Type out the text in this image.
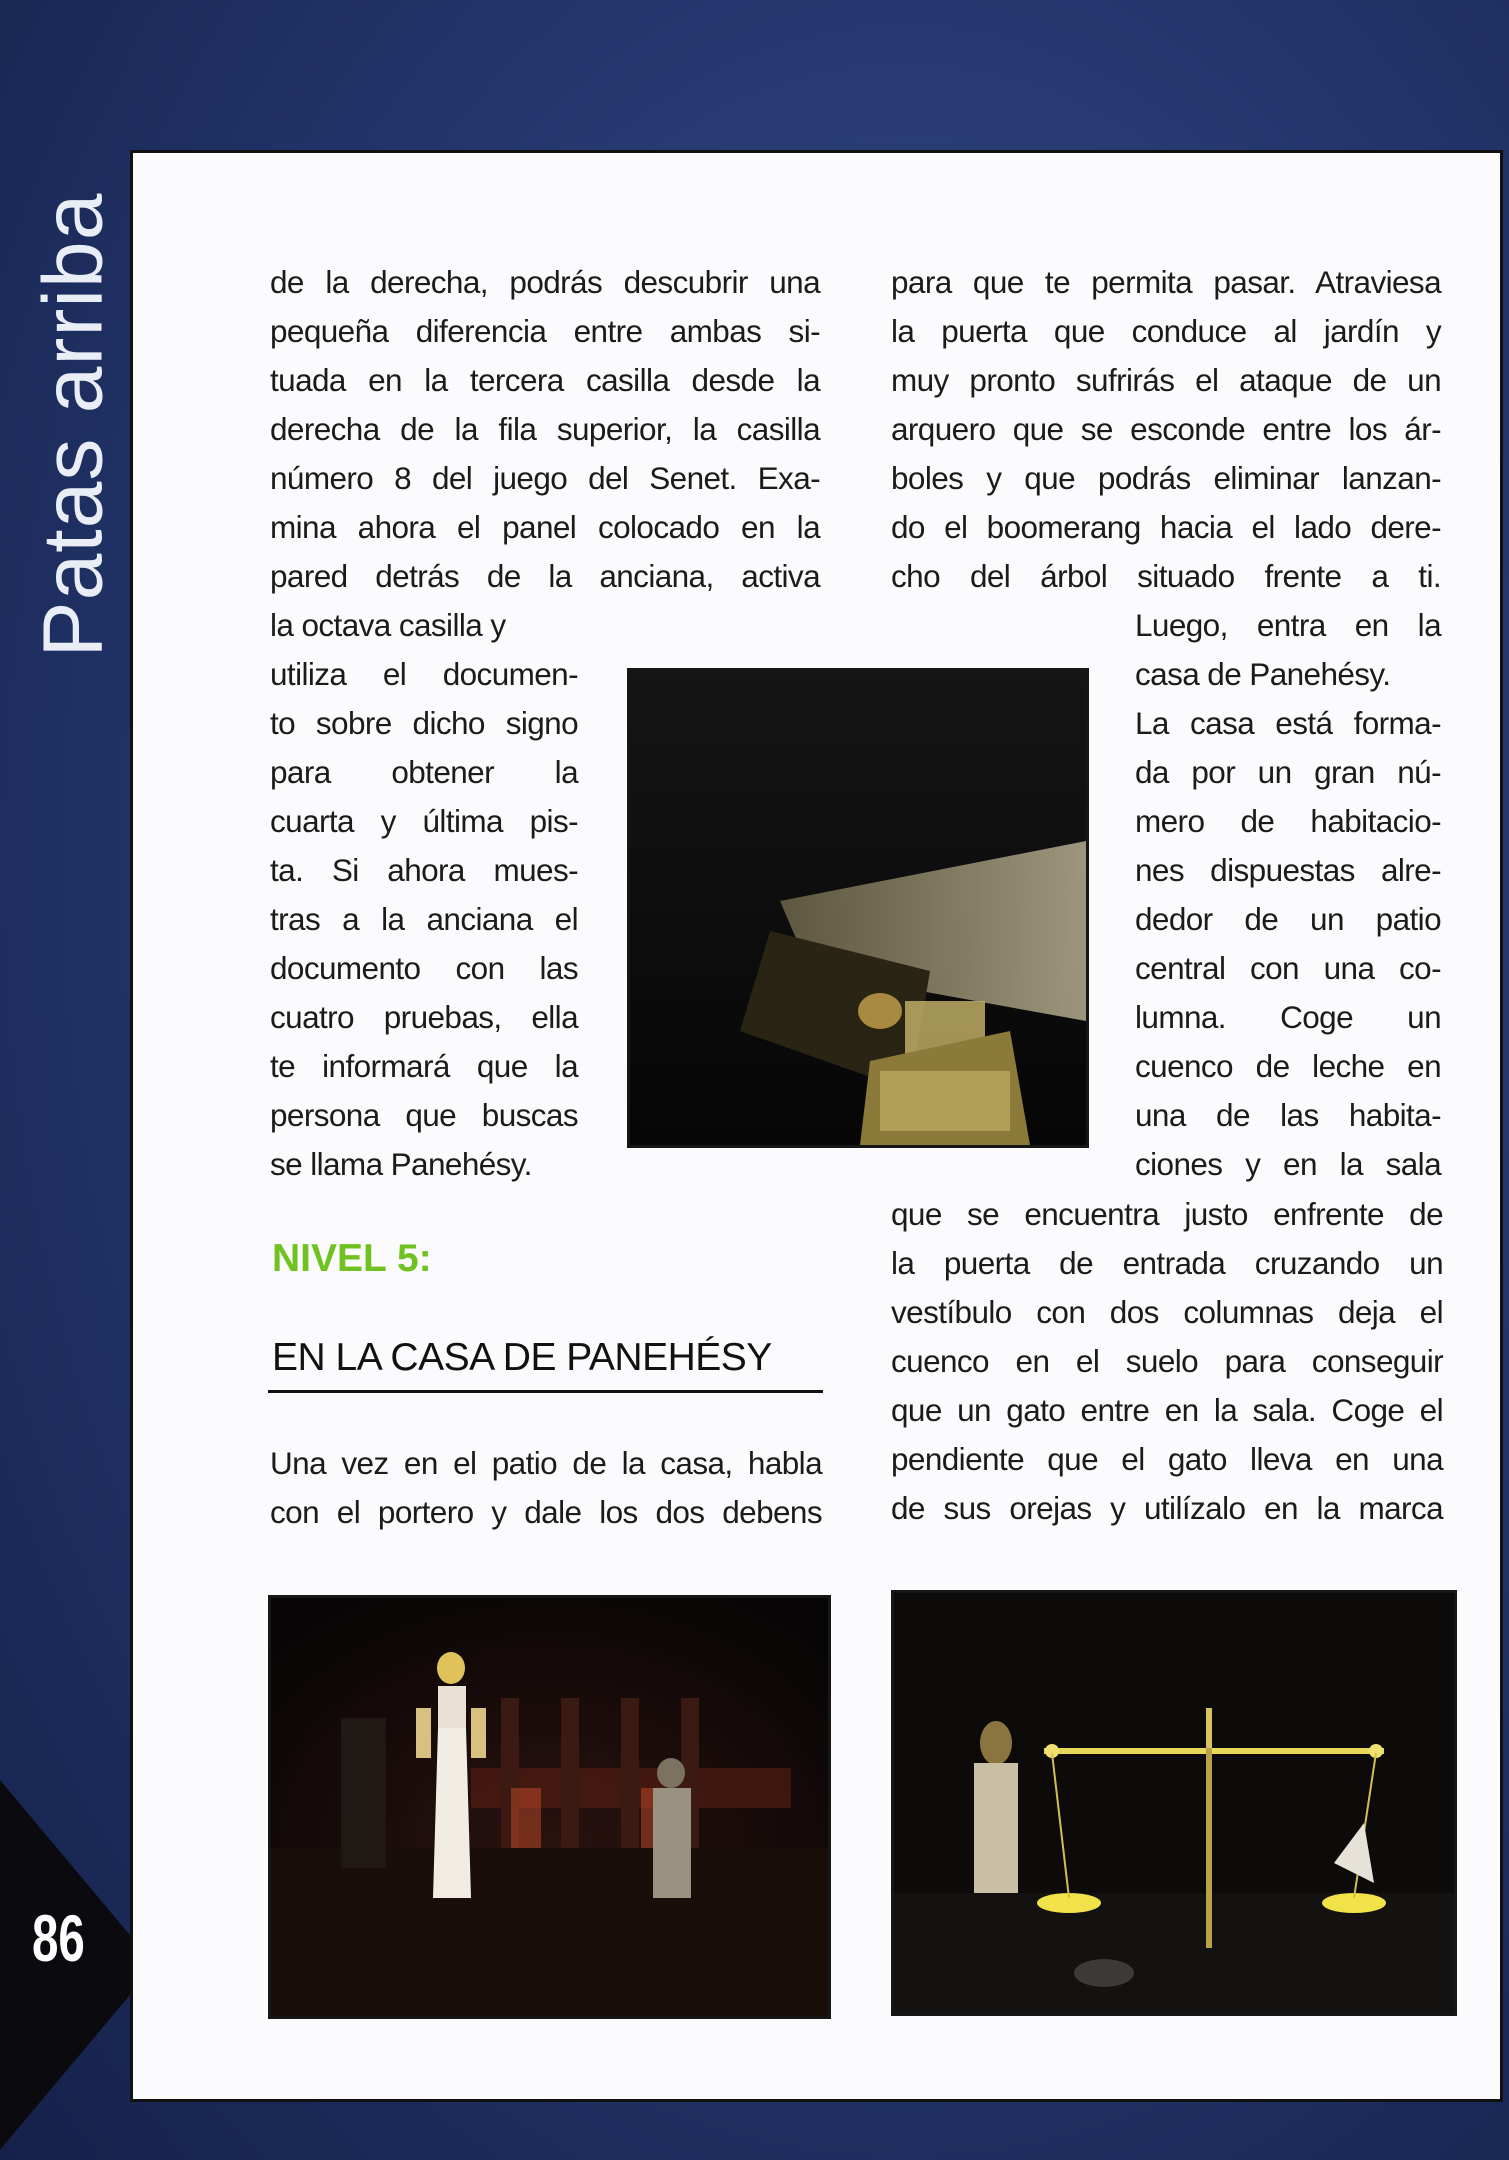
Patas arriba
86
de la derecha, podrás descubrir una
pequeña diferencia entre ambas si-
tuada en la tercera casilla desde la
derecha de la fila superior, la casilla
número 8 del juego del Senet. Exa-
mina ahora el panel colocado en la
pared detrás de la anciana, activa
la octava casilla y
utiliza el documen-
to sobre dicho signo
para obtener la
cuarta y última pis-
ta. Si ahora mues-
tras a la anciana el
documento con las
cuatro pruebas, ella
te informará que la
persona que buscas
se llama Panehésy.
NIVEL 5:
EN LA CASA DE PANEHÉSY
Una vez en el patio de la casa, habla
con el portero y dale los dos debens
para que te permita pasar. Atraviesa
la puerta que conduce al jardín y
muy pronto sufrirás el ataque de un
arquero que se esconde entre los ár-
boles y que podrás eliminar lanzan-
do el boomerang hacia el lado dere-
cho del árbol situado frente a ti.
Luego, entra en la
casa de Panehésy.
La casa está forma-
da por un gran nú-
mero de habitacio-
nes dispuestas alre-
dedor de un patio
central con una co-
lumna. Coge un
cuenco de leche en
una de las habita-
ciones y en la sala
que se encuentra justo enfrente de
la puerta de entrada cruzando un
vestíbulo con dos columnas deja el
cuenco en el suelo para conseguir
que un gato entre en la sala. Coge el
pendiente que el gato lleva en una
de sus orejas y utilízalo en la marca
